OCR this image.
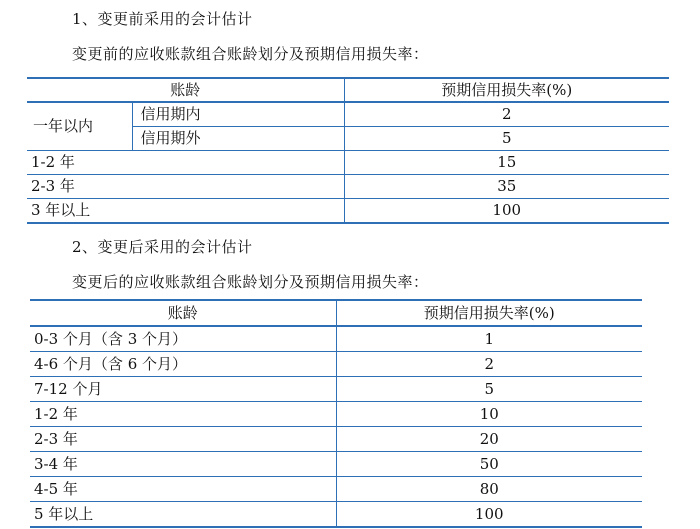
1、变更前采用的会计估计
变更前的应收账款组合账龄划分及预期信用损失率：
账龄		预期信用损失率(%)
一年以内	信用期内	2
	信用期外	5
1-2 年		15
2-3 年		35
3 年以上		100
2、变更后采用的会计估计
变更后的应收账款组合账龄划分及预期信用损失率：
账龄	预期信用损失率(%)
0-3 个月（含 3 个月）	1
4-6 个月（含 6 个月）	2
7-12 个月	5
1-2 年	10
2-3 年	20
3-4 年	50
4-5 年	80
5 年以上	100
